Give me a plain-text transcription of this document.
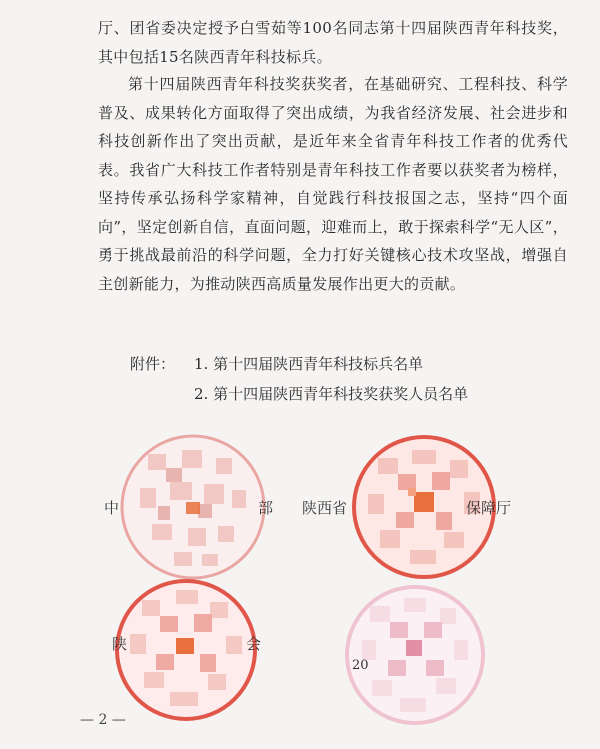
厅、团省委决定授予白雪茹等100名同志第十四届陕西青年科技奖，其中包括15名陕西青年科技标兵。
第十四届陕西青年科技奖获奖者，在基础研究、工程科技、科学普及、成果转化方面取得了突出成绩，为我省经济发展、社会进步和科技创新作出了突出贡献，是近年来全省青年科技工作者的优秀代表。我省广大科技工作者特别是青年科技工作者要以获奖者为榜样，坚持传承弘扬科学家精神，自觉践行科技报国之志，坚持“四个面向”，坚定创新自信，直面问题，迎难而上，敢于探索科学“无人区”，勇于挑战最前沿的科学问题，全力打好关键核心技术攻坚战，增强自主创新能力，为推动陕西高质量发展作出更大的贡献。
附件： 1. 第十四届陕西青年科技标兵名单
2. 第十四届陕西青年科技奖获奖人员名单
中	部 陕西省	保障厅
陕	会
20
— 2 —
